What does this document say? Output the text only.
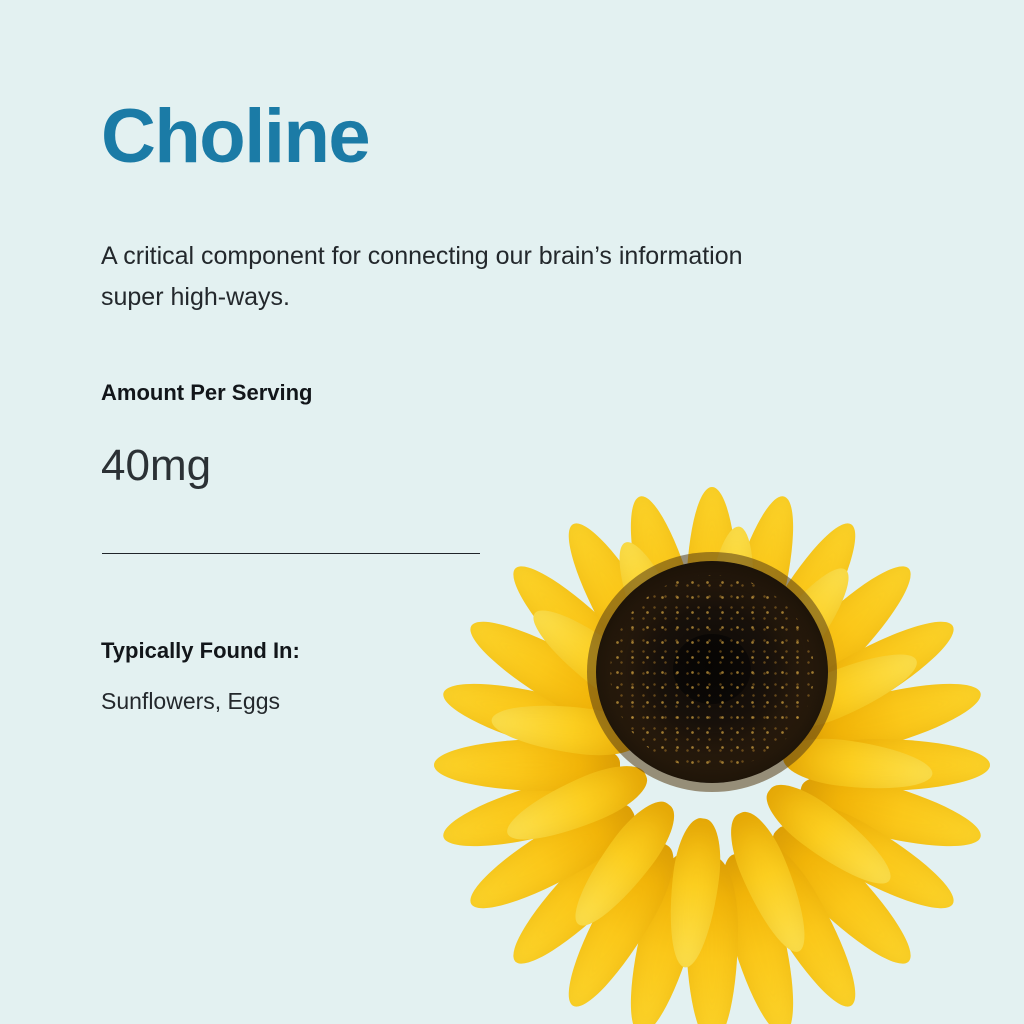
Choline

A critical component for connecting our brain’s information super high-ways.

Amount Per Serving

40mg

Typically Found In:

Sunflowers, Eggs
